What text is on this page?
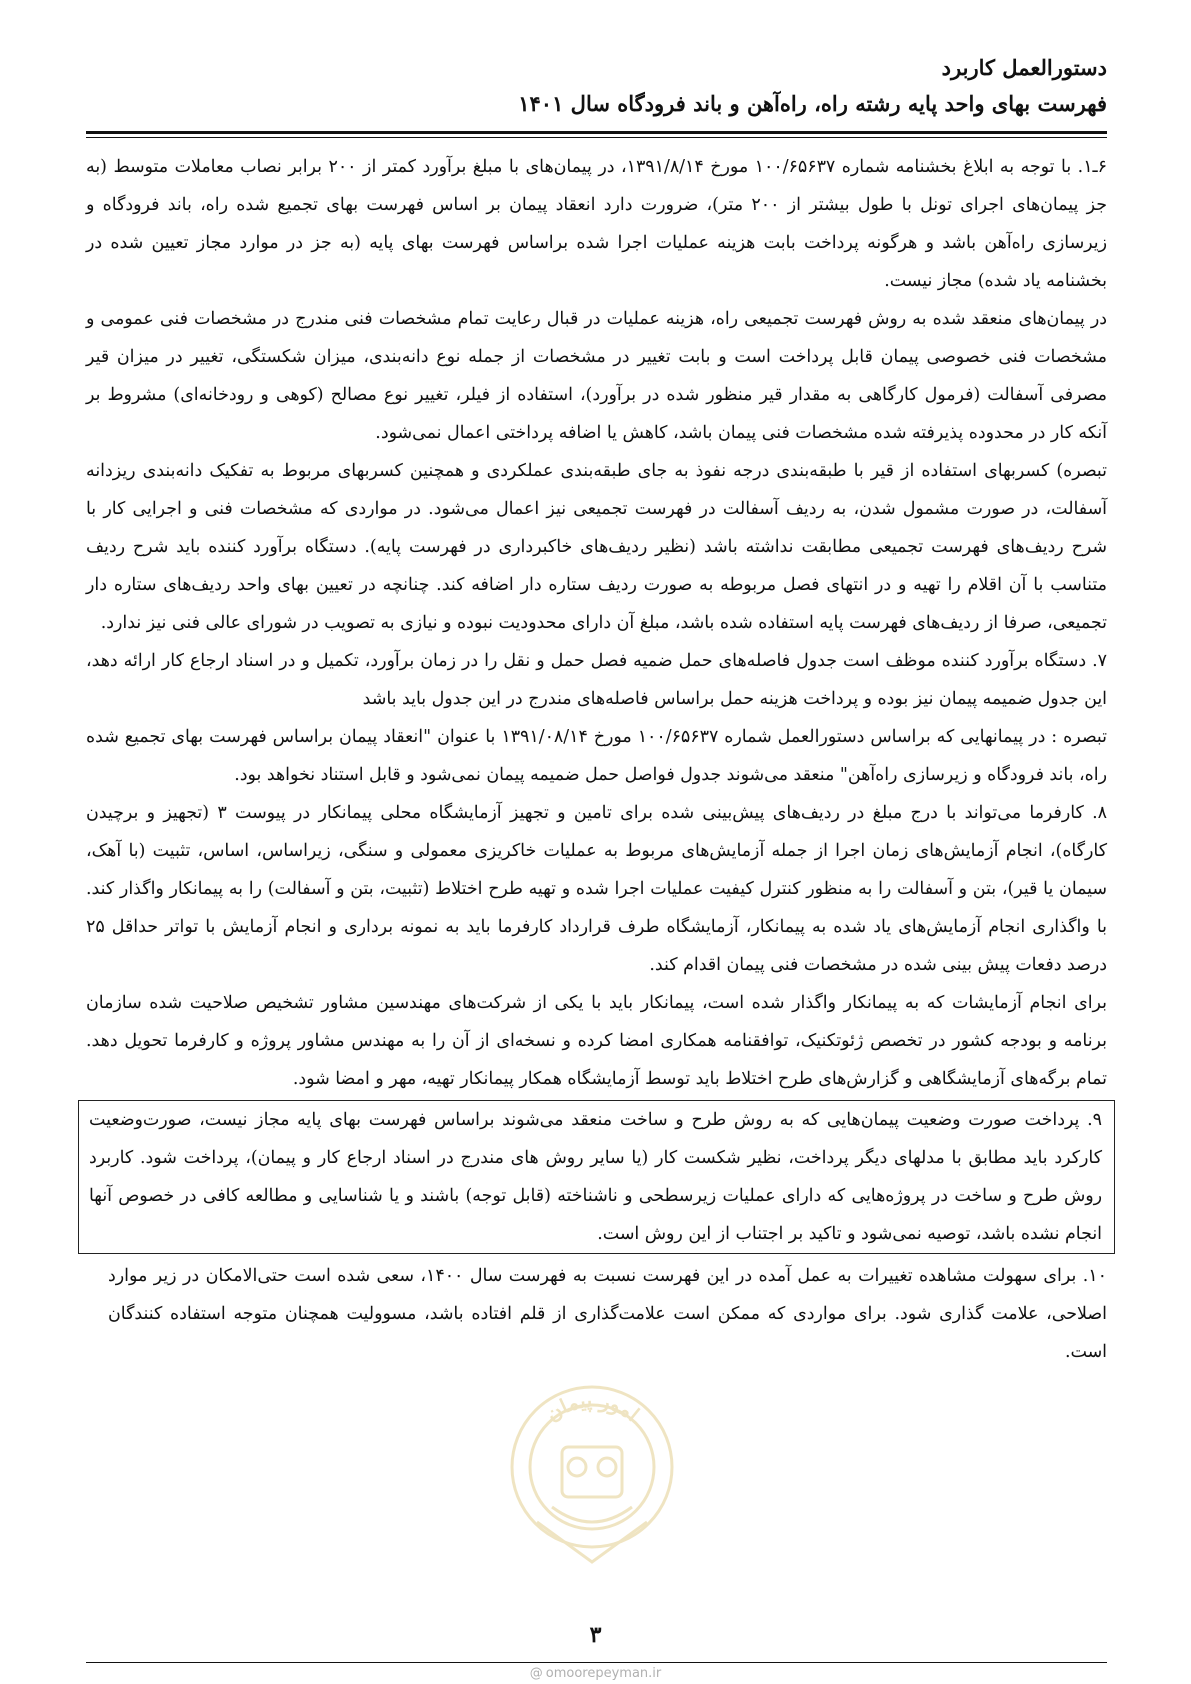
دستورالعمل کاربرد
فهرست بهای واحد پایه رشته راه، راه‌آهن و باند فرودگاه سال ۱۴۰۱

۶ـ۱. با توجه به ابلاغ بخشنامه شماره ۱۰۰/۶۵۶۳۷ مورخ ۱۳۹۱/۸/۱۴، در پیمان‌های با مبلغ برآورد کمتر از ۲۰۰ برابر نصاب معاملات متوسط (به جز پیمان‌های اجرای تونل با طول بیشتر از ۲۰۰ متر)، ضرورت دارد انعقاد پیمان بر اساس فهرست بهای تجمیع شده راه، باند فرودگاه و زیرسازی راه‌آهن باشد و هرگونه پرداخت بابت هزینه عملیات اجرا شده براساس فهرست بهای پایه (به جز در موارد مجاز تعیین شده در بخشنامه یاد شده) مجاز نیست.

در پیمان‌های منعقد شده به روش فهرست تجمیعی راه، هزینه عملیات در قبال رعایت تمام مشخصات فنی مندرج در مشخصات فنی عمومی و مشخصات فنی خصوصی پیمان قابل پرداخت است و بابت تغییر در مشخصات از جمله نوع دانه‌بندی، میزان شکستگی، تغییر در میزان قیر مصرفی آسفالت (فرمول کارگاهی به مقدار قیر منظور شده در برآورد)، استفاده از فیلر، تغییر نوع مصالح (کوهی و رودخانه‌ای) مشروط بر آنکه کار در محدوده پذیرفته شده مشخصات فنی پیمان باشد، کاهش یا اضافه پرداختی اعمال نمی‌شود.

تبصره) کسربهای استفاده از قیر با طبقه‌بندی درجه نفوذ به جای طبقه‌بندی عملکردی و همچنین کسربهای مربوط به تفکیک دانه‌بندی ریزدانه آسفالت، در صورت مشمول شدن، به ردیف آسفالت در فهرست تجمیعی نیز اعمال می‌شود. در مواردی که مشخصات فنی و اجرایی کار با شرح ردیف‌های فهرست تجمیعی مطابقت نداشته باشد (نظیر ردیف‌های خاکبرداری در فهرست پایه). دستگاه برآورد کننده باید شرح ردیف متناسب با آن اقلام را تهیه و در انتهای فصل مربوطه به صورت ردیف ستاره دار اضافه کند. چنانچه در تعیین بهای واحد ردیف‌های ستاره دار تجمیعی، صرفا از ردیف‌های فهرست پایه استفاده شده باشد، مبلغ آن دارای محدودیت نبوده و نیازی به تصویب در شورای عالی فنی نیز ندارد.

۷. دستگاه برآورد کننده موظف است جدول فاصله‌های حمل ضمیه فصل حمل و نقل را در زمان برآورد، تکمیل و در اسناد ارجاع کار ارائه دهد، این جدول ضمیمه پیمان نیز بوده و پرداخت هزینه حمل براساس فاصله‌های مندرج در این جدول باید باشد

تبصره : در پیمانهایی که براساس دستورالعمل شماره ۱۰۰/۶۵۶۳۷ مورخ ۱۳۹۱/۰۸/۱۴ با عنوان "انعقاد پیمان براساس فهرست بهای تجمیع شده راه، باند فرودگاه و زیرسازی راه‌آهن" منعقد می‌شوند جدول فواصل حمل ضمیمه پیمان نمی‌شود و قابل استناد نخواهد بود.

۸. کارفرما می‌تواند با درج مبلغ در ردیف‌های پیش‌بینی شده برای تامین و تجهیز آزمایشگاه محلی پیمانکار در پیوست ۳ (تجهیز و برچیدن کارگاه)، انجام آزمایش‌های زمان اجرا از جمله آزمایش‌های مربوط به عملیات خاکریزی معمولی و سنگی، زیراساس، اساس، تثبیت (با آهک، سیمان یا قیر)، بتن و آسفالت را به منظور کنترل کیفیت عملیات اجرا شده و تهیه طرح اختلاط (تثبیت، بتن و آسفالت) را به پیمانکار واگذار کند. با واگذاری انجام آزمایش‌های یاد شده به پیمانکار، آزمایشگاه طرف قرارداد کارفرما باید به نمونه برداری و انجام آزمایش با تواتر حداقل ۲۵ درصد دفعات پیش بینی شده در مشخصات فنی پیمان اقدام کند.

برای انجام آزمایشات که به پیمانکار واگذار شده است، پیمانکار باید با یکی از شرکت‌های مهندسین مشاور تشخیص صلاحیت شده سازمان برنامه و بودجه کشور در تخصص ژئوتکنیک، توافقنامه همکاری امضا کرده و نسخه‌ای از آن را به مهندس مشاور پروژه و کارفرما تحویل دهد. تمام برگه‌های آزمایشگاهی و گزارش‌های طرح اختلاط باید توسط آزمایشگاه همکار پیمانکار تهیه، مهر و امضا شود.

۹. پرداخت صورت وضعیت پیمان‌هایی که به روش طرح و ساخت منعقد می‌شوند براساس فهرست بهای پایه مجاز نیست، صورت‌وضعیت کارکرد باید مطابق با مدلهای دیگر پرداخت، نظیر شکست کار (یا سایر روش های مندرج در اسناد ارجاع کار و پیمان)، پرداخت شود. کاربرد روش طرح و ساخت در پروژه‌هایی که دارای عملیات زیرسطحی و ناشناخته (قابل توجه) باشند و یا شناسایی و مطالعه کافی در خصوص آنها انجام نشده باشد، توصیه نمی‌شود و تاکید بر اجتناب از این روش است.

۱۰. برای سهولت مشاهده تغییرات به عمل آمده در این فهرست نسبت به فهرست سال ۱۴۰۰، سعی شده است حتی‌الامکان در زیر موارد اصلاحی، علامت گذاری شود. برای مواردی که ممکن است علامت‌گذاری از قلم افتاده باشد، مسوولیت همچنان متوجه استفاده کنندگان است.

امور پیمان
۳
@ omoorepeyman.ir
